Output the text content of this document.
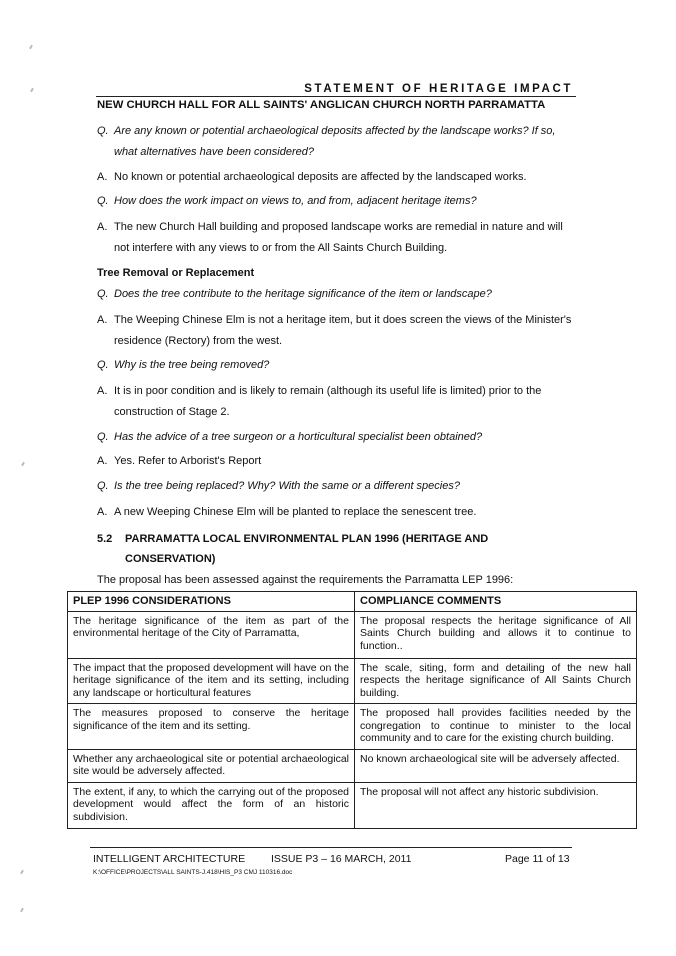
STATEMENT OF HERITAGE IMPACT
NEW CHURCH HALL FOR ALL SAINTS' ANGLICAN CHURCH NORTH PARRAMATTA
Q. Are any known or potential archaeological deposits affected by the landscape works? If so,
what alternatives have been considered?
A. No known or potential archaeological deposits are affected by the landscaped works.
Q. How does the work impact on views to, and from, adjacent heritage items?
A. The new Church Hall building and proposed landscape works are remedial in nature and will
not interfere with any views to or from the All Saints Church Building.
Tree Removal or Replacement
Q. Does the tree contribute to the heritage significance of the item or landscape?
A. The Weeping Chinese Elm is not a heritage item, but it does screen the views of the Minister's
residence (Rectory) from the west.
Q. Why is the tree being removed?
A. It is in poor condition and is likely to remain (although its useful life is limited) prior to the
construction of Stage 2.
Q. Has the advice of a tree surgeon or a horticultural specialist been obtained?
A. Yes. Refer to Arborist's Report
Q. Is the tree being replaced? Why? With the same or a different species?
A. A new Weeping Chinese Elm will be planted to replace the senescent tree.
5.2 PARRAMATTA LOCAL ENVIRONMENTAL PLAN 1996 (HERITAGE AND
CONSERVATION)
The proposal has been assessed against the requirements the Parramatta LEP 1996:
PLEP 1996 CONSIDERATIONS	COMPLIANCE COMMENTS
The heritage significance of the item as part of the environmental heritage of the City of Parramatta,	The proposal respects the heritage significance of All Saints Church building and allows it to continue to function..
The impact that the proposed development will have on the heritage significance of the item and its setting, including any landscape or horticultural features	The scale, siting, form and detailing of the new hall respects the heritage significance of All Saints Church building.
The measures proposed to conserve the heritage significance of the item and its setting.	The proposed hall provides facilities needed by the congregation to continue to minister to the local community and to care for the existing church building.
Whether any archaeological site or potential archaeological site would be adversely affected.	No known archaeological site will be adversely affected.
The extent, if any, to which the carrying out of the proposed development would affect the form of an historic subdivision.	The proposal will not affect any historic subdivision.
INTELLIGENT ARCHITECTURE ISSUE P3 – 16 MARCH, 2011	Page 11 of 13
K:\OFFICE\PROJECTS\ALL SAINTS-J.418\HIS_P3 CMJ 110316.doc
